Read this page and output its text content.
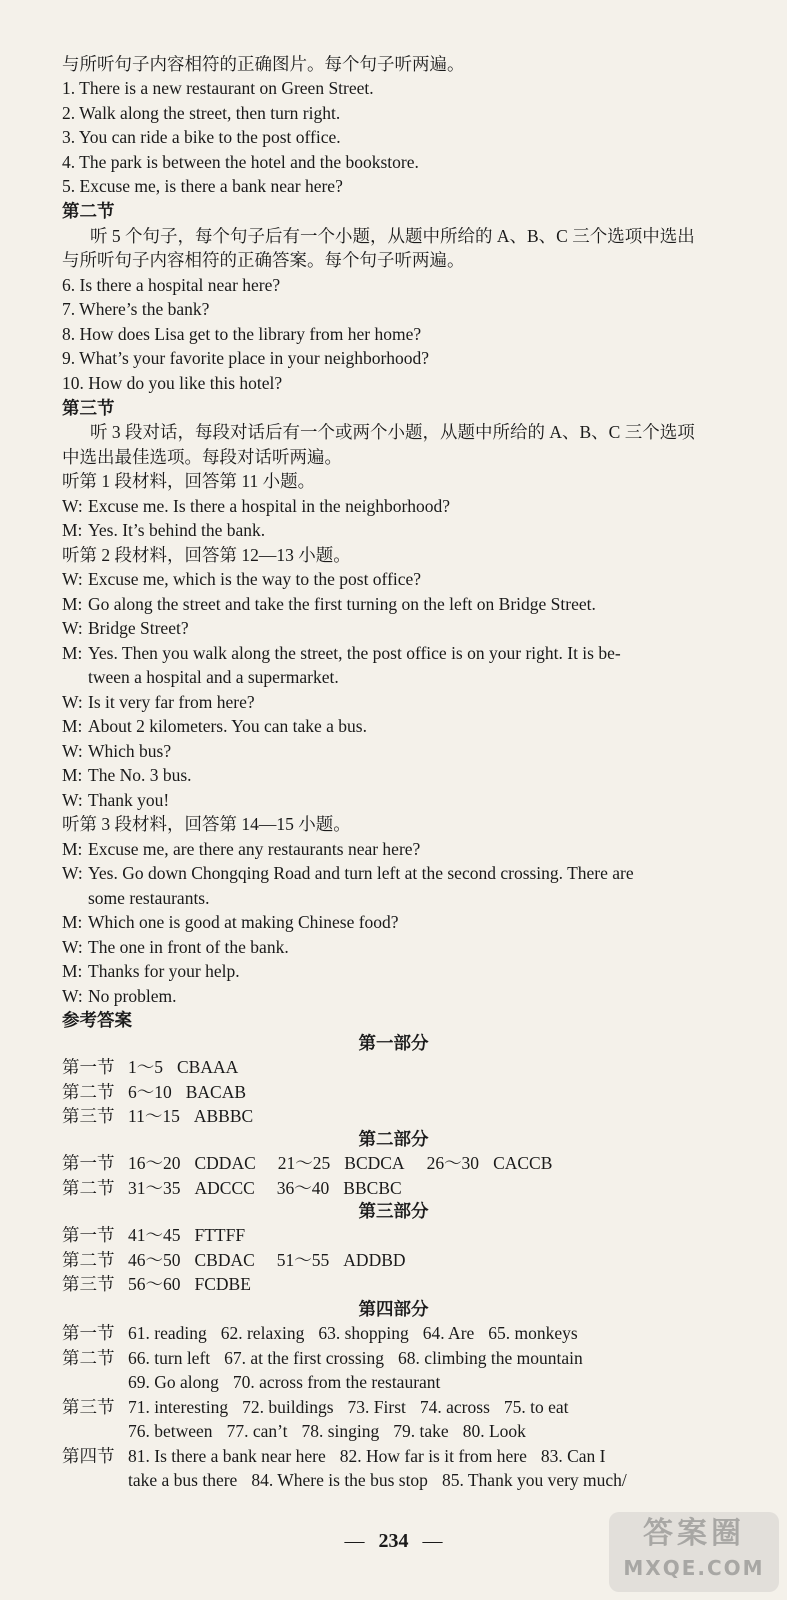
与所听句子内容相符的正确图片。每个句子听两遍。
1. There is a new restaurant on Green Street.
2. Walk along the street, then turn right.
3. You can ride a bike to the post office.
4. The park is between the hotel and the bookstore.
5. Excuse me, is there a bank near here?
第二节
听 5 个句子，每个句子后有一个小题，从题中所给的 A、B、C 三个选项中选出
与所听句子内容相符的正确答案。每个句子听两遍。
6. Is there a hospital near here?
7. Where’s the bank?
8. How does Lisa get to the library from her home?
9. What’s your favorite place in your neighborhood?
10. How do you like this hotel?
第三节
听 3 段对话，每段对话后有一个或两个小题，从题中所给的 A、B、C 三个选项
中选出最佳选项。每段对话听两遍。
听第 1 段材料，回答第 11 小题。
W: Excuse me. Is there a hospital in the neighborhood?
M: Yes. It’s behind the bank.
听第 2 段材料，回答第 12—13 小题。
W: Excuse me, which is the way to the post office?
M: Go along the street and take the first turning on the left on Bridge Street.
W: Bridge Street?
M: Yes. Then you walk along the street, the post office is on your right. It is be-
tween a hospital and a supermarket.
W: Is it very far from here?
M: About 2 kilometers. You can take a bus.
W: Which bus?
M: The No. 3 bus.
W: Thank you!
听第 3 段材料，回答第 14—15 小题。
M: Excuse me, are there any restaurants near here?
W: Yes. Go down Chongqing Road and turn left at the second crossing. There are
some restaurants.
M: Which one is good at making Chinese food?
W: The one in front of the bank.
M: Thanks for your help.
W: No problem.
参考答案
第一部分
第一节 1～5 CBAAA
第二节 6～10 BACAB
第三节 11～15 ABBBC
第二部分
第一节 16～20 CDDAC 21～25 BCDCA 26～30 CACCB
第二节 31～35 ADCCC 36～40 BBCBC
第三部分
第一节 41～45 FTTFF
第二节 46～50 CBDAC 51～55 ADDBD
第三节 56～60 FCDBE
第四部分
第一节 61. reading 62. relaxing 63. shopping 64. Are 65. monkeys
第二节 66. turn left 67. at the first crossing 68. climbing the mountain
69. Go along 70. across from the restaurant
第三节 71. interesting 72. buildings 73. First 74. across 75. to eat
76. between 77. can’t 78. singing 79. take 80. Look
第四节 81. Is there a bank near here 82. How far is it from here 83. Can I
take a bus there 84. Where is the bus stop 85. Thank you very much/
— 234 —	答案圈
MXQE.COM
